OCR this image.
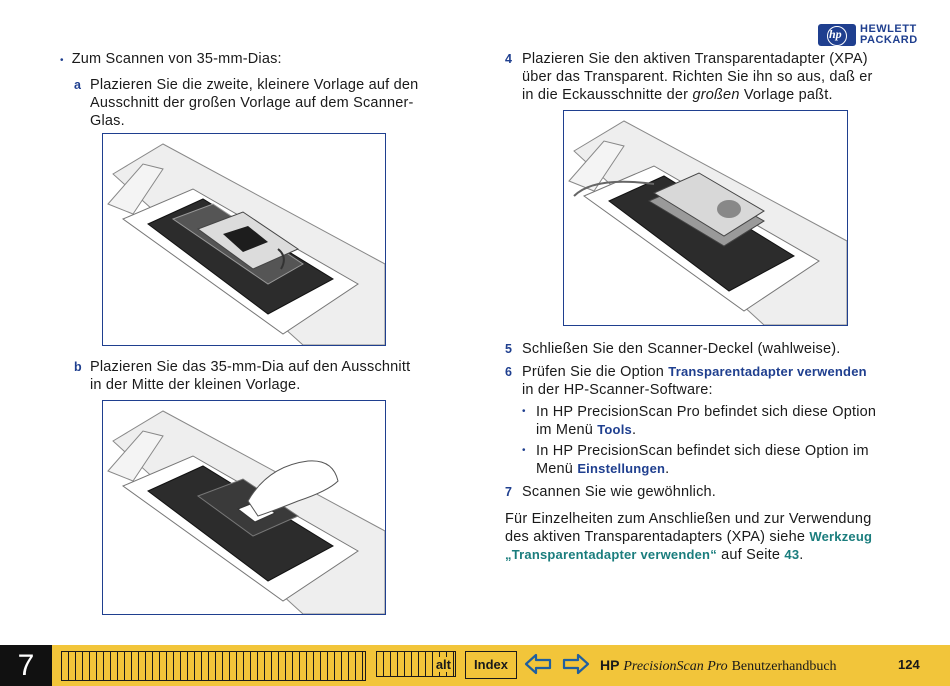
hp HEWLETT
PACKARD
• Zum Scannen von 35-mm-Dias:
a Plazieren Sie die zweite, kleinere Vorlage auf den
Ausschnitt der großen Vorlage auf dem Scanner-
Glas.
b Plazieren Sie das 35-mm-Dia auf den Ausschnitt
in der Mitte der kleinen Vorlage.
4 Plazieren Sie den aktiven Transparentadapter (XPA)
über das Transparent. Richten Sie ihn so aus, daß er
in die Eckausschnitte der großen Vorlage paßt.
5 Schließen Sie den Scanner-Deckel (wahlweise).
6 Prüfen Sie die Option Transparentadapter verwenden
in der HP-Scanner-Software:
• In HP PrecisionScan Pro befindet sich diese Option
im Menü Tools.
• In HP PrecisionScan befindet sich diese Option im
Menü Einstellungen.
7 Scannen Sie wie gewöhnlich.
Für Einzelheiten zum Anschließen und zur Verwendung
des aktiven Transparentadapters (XPA) siehe Werkzeug
„Transparentadapter verwenden“ auf Seite 43.
7	alt	Index	HP PrecisionScan Pro Benutzerhandbuch	124
